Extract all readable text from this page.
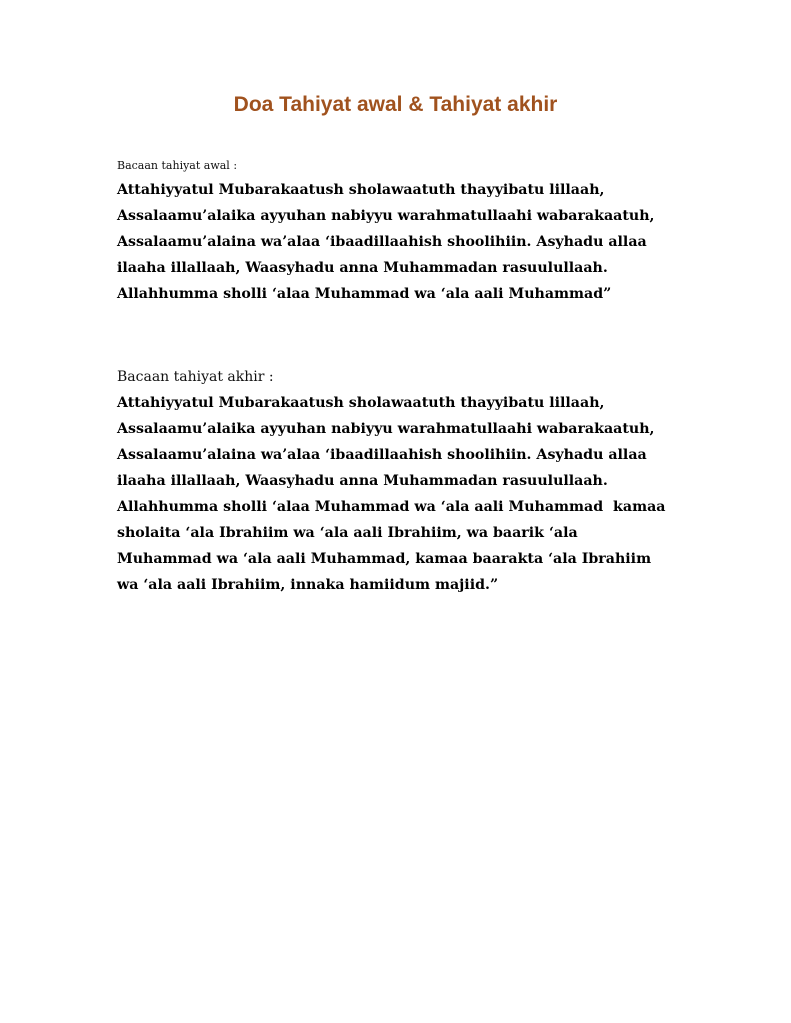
Doa Tahiyat awal & Tahiyat akhir

Bacaan tahiyat awal :

Attahiyyatul Mubarakaatush sholawaatuth thayyibatu lillaah,
Assalaamu’alaika ayyuhan nabiyyu warahmatullaahi wabarakaatuh,
Assalaamu’alaina wa’alaa ‘ibaadillaahish shoolihiin. Asyhadu allaa
ilaaha illallaah, Waasyhadu anna Muhammadan rasuulullaah.
Allahhumma sholli ‘alaa Muhammad wa ‘ala aali Muhammad”

Bacaan tahiyat akhir :

Attahiyyatul Mubarakaatush sholawaatuth thayyibatu lillaah,
Assalaamu’alaika ayyuhan nabiyyu warahmatullaahi wabarakaatuh,
Assalaamu’alaina wa’alaa ‘ibaadillaahish shoolihiin. Asyhadu allaa
ilaaha illallaah, Waasyhadu anna Muhammadan rasuulullaah.
Allahhumma sholli ‘alaa Muhammad wa ‘ala aali Muhammad  kamaa
sholaita ‘ala Ibrahiim wa ‘ala aali Ibrahiim, wa baarik ‘ala
Muhammad wa ‘ala aali Muhammad, kamaa baarakta ‘ala Ibrahiim
wa ‘ala aali Ibrahiim, innaka hamiidum majiid.”
